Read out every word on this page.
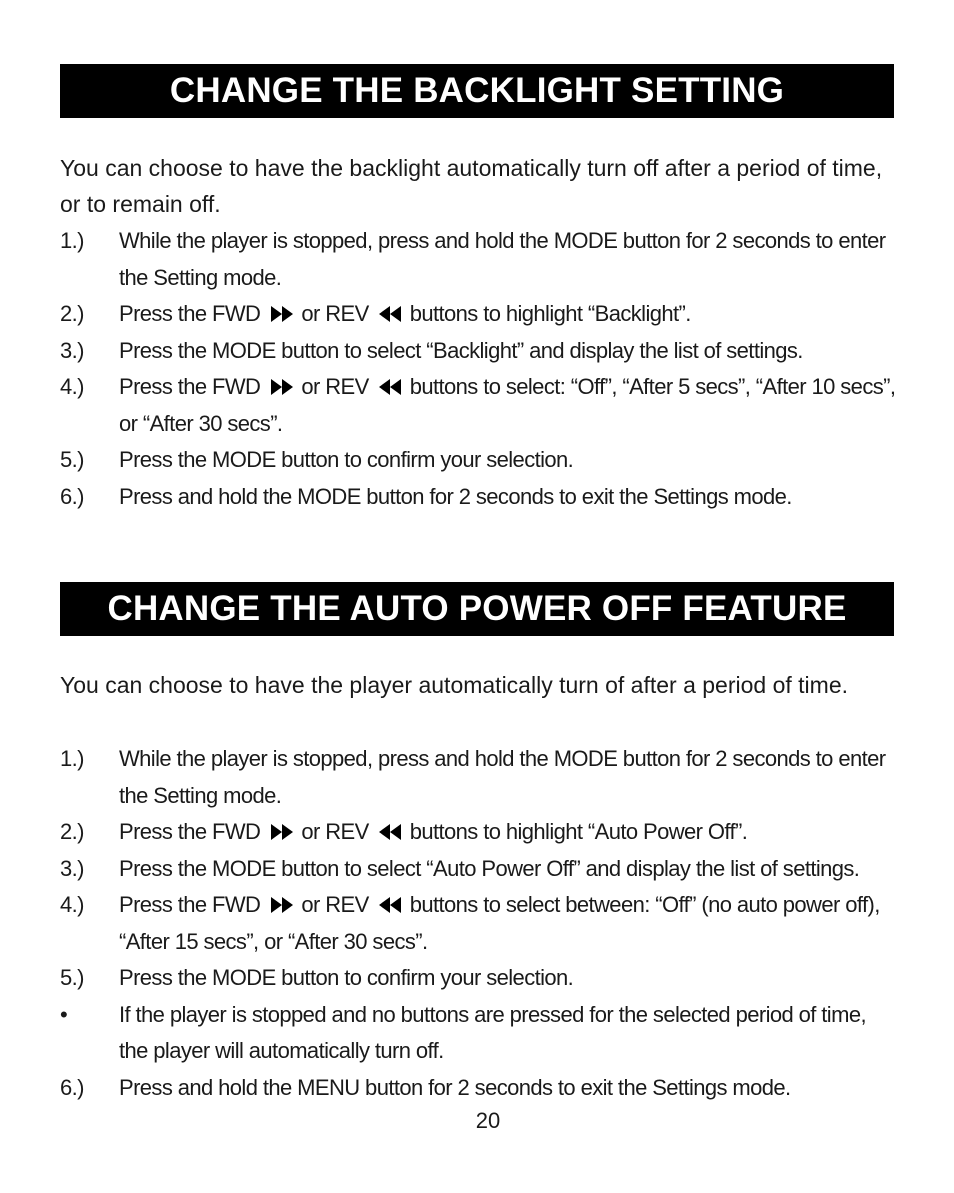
CHANGE THE BACKLIGHT SETTING
You can choose to have the backlight automatically turn off after a period of time, or to remain off.
1.) While the player is stopped, press and hold the MODE button for 2 seconds to enter the Setting mode.
2.) Press the FWD or REV buttons to highlight “Backlight”.
3.) Press the MODE button to select “Backlight” and display the list of settings.
4.) Press the FWD or REV buttons to select: “Off”, “After 5 secs”, “After 10 secs”, or “After 30 secs”.
5.) Press the MODE button to confirm your selection.
6.) Press and hold the MODE button for 2 seconds to exit the Settings mode.
CHANGE THE AUTO POWER OFF FEATURE
You can choose to have the player automatically turn of after a period of time.
1.) While the player is stopped, press and hold the MODE button for 2 seconds to enter the Setting mode.
2.) Press the FWD or REV buttons to highlight “Auto Power Off”.
3.) Press the MODE button to select “Auto Power Off” and display the list of settings.
4.) Press the FWD or REV buttons to select between: “Off” (no auto power off), “After 15 secs”, or “After 30 secs”.
5.) Press the MODE button to confirm your selection.
• If the player is stopped and no buttons are pressed for the selected period of time, the player will automatically turn off.
6.) Press and hold the MENU button for 2 seconds to exit the Settings mode.
20
